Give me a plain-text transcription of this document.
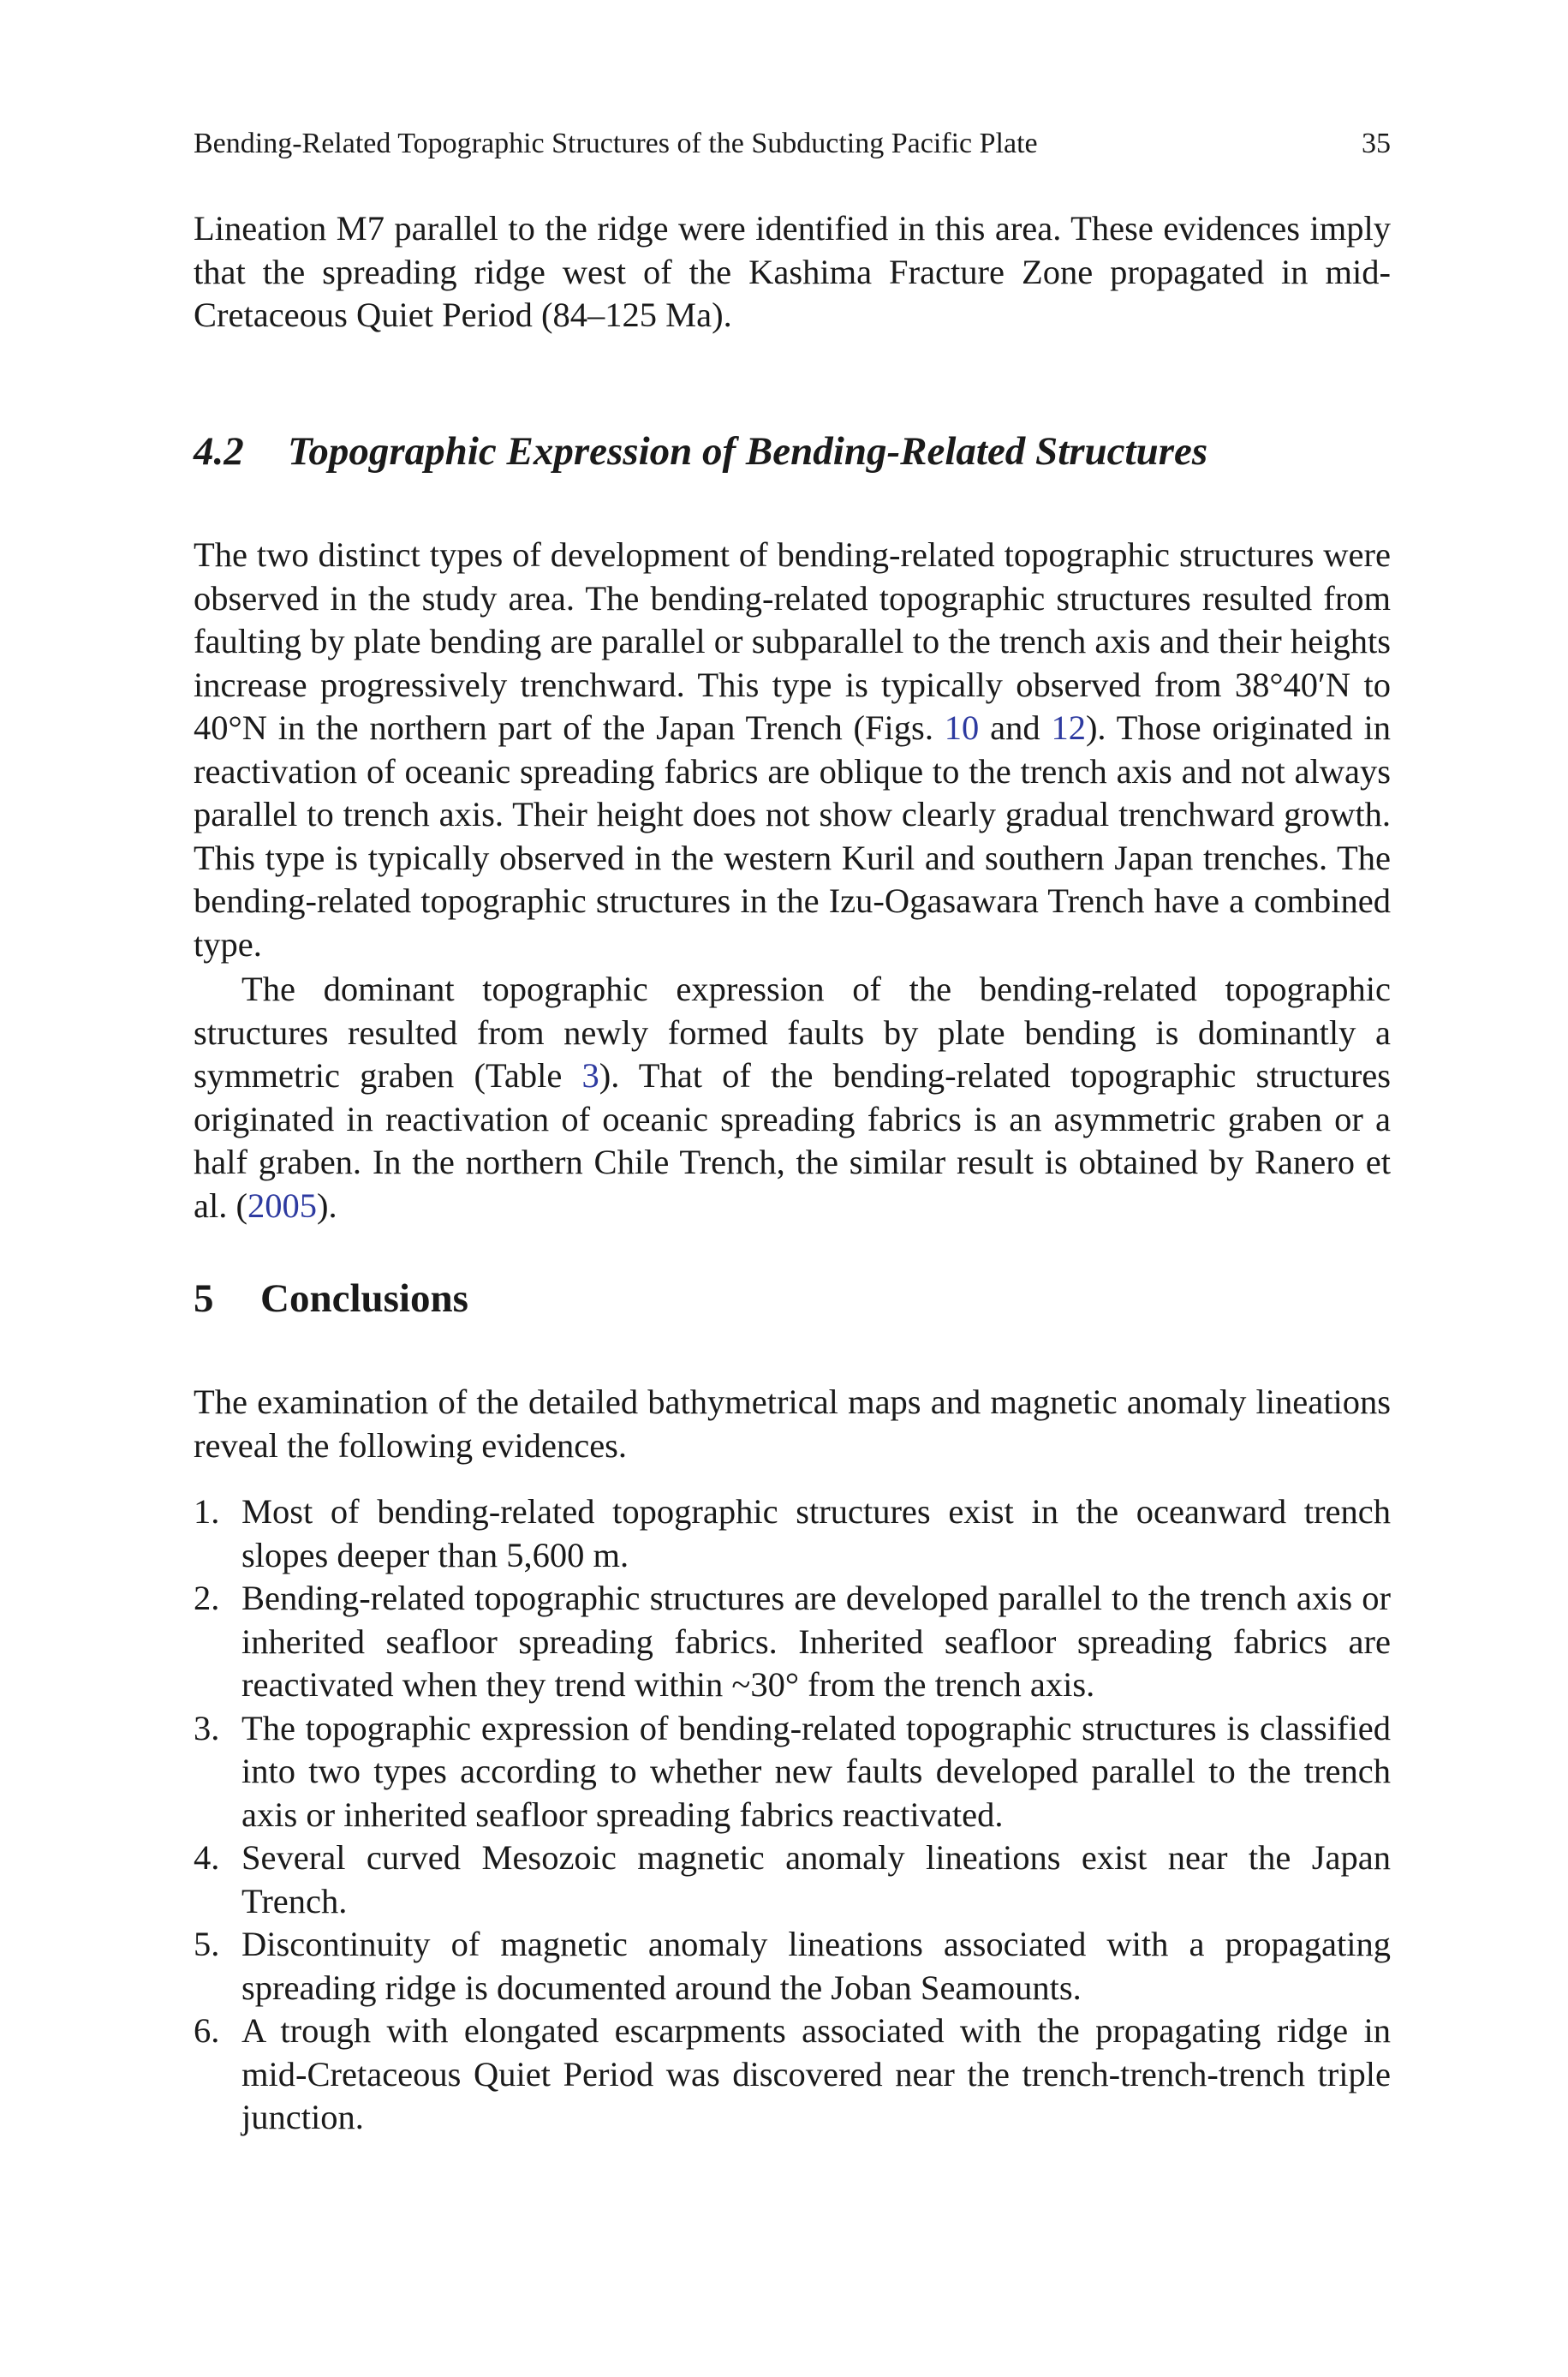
Bending-Related Topographic Structures of the Subducting Pacific Plate	35

Lineation M7 parallel to the ridge were identified in this area. These evidences imply that the spreading ridge west of the Kashima Fracture Zone propagated in mid-Cretaceous Quiet Period (84–125 Ma).

4.2	Topographic Expression of Bending-Related Structures

The two distinct types of development of bending-related topographic structures were observed in the study area. The bending-related topographic structures resulted from faulting by plate bending are parallel or subparallel to the trench axis and their heights increase progressively trenchward. This type is typically observed from 38°40′N to 40°N in the northern part of the Japan Trench (Figs. 10 and 12). Those originated in reactivation of oceanic spreading fabrics are oblique to the trench axis and not always parallel to trench axis. Their height does not show clearly gradual trenchward growth. This type is typically observed in the western Kuril and southern Japan trenches. The bending-related topographic structures in the Izu-Ogasawara Trench have a combined type.

The dominant topographic expression of the bending-related topographic structures resulted from newly formed faults by plate bending is dominantly a symmetric graben (Table 3). That of the bending-related topographic structures originated in reactivation of oceanic spreading fabrics is an asymmetric graben or a half graben. In the northern Chile Trench, the similar result is obtained by Ranero et al. (2005).

5	Conclusions

The examination of the detailed bathymetrical maps and magnetic anomaly lineations reveal the following evidences.

1. Most of bending-related topographic structures exist in the oceanward trench slopes deeper than 5,600 m.
2. Bending-related topographic structures are developed parallel to the trench axis or inherited seafloor spreading fabrics. Inherited seafloor spreading fabrics are reactivated when they trend within ~30° from the trench axis.
3. The topographic expression of bending-related topographic structures is classified into two types according to whether new faults developed parallel to the trench axis or inherited seafloor spreading fabrics reactivated.
4. Several curved Mesozoic magnetic anomaly lineations exist near the Japan Trench.
5. Discontinuity of magnetic anomaly lineations associated with a propagating spreading ridge is documented around the Joban Seamounts.
6. A trough with elongated escarpments associated with the propagating ridge in mid-Cretaceous Quiet Period was discovered near the trench-trench-trench triple junction.
